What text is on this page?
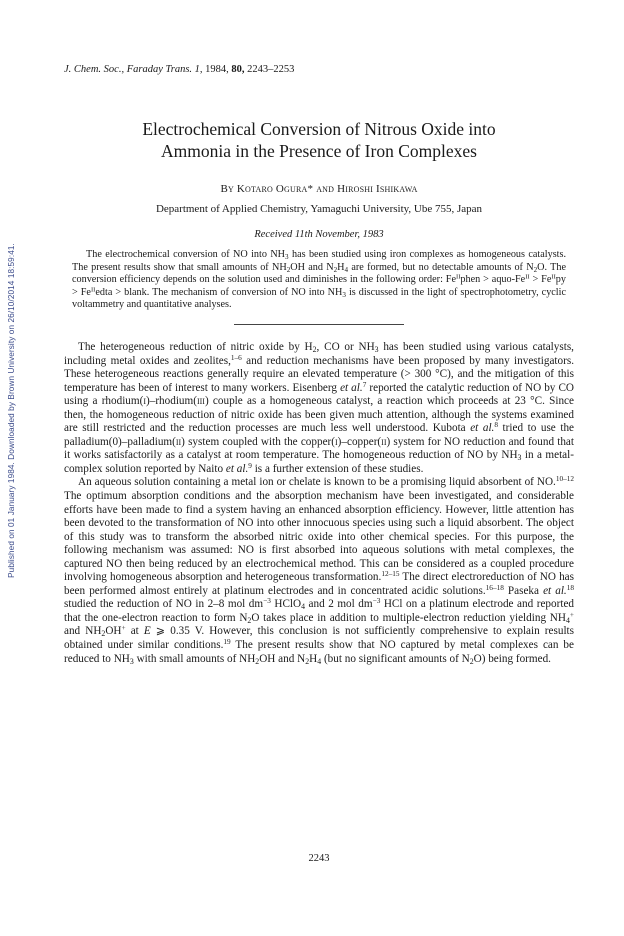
Published on 01 January 1984. Downloaded by Brown University on 26/10/2014 18:59:41.
J. Chem. Soc., Faraday Trans. 1, 1984, 80, 2243–2253
Electrochemical Conversion of Nitrous Oxide into
Ammonia in the Presence of Iron Complexes
By Kotaro Ogura* and Hiroshi Ishikawa
Department of Applied Chemistry, Yamaguchi University, Ube 755, Japan
Received 11th November, 1983
The electrochemical conversion of NO into $NH_3$ has been studied using iron complexes as homogeneous catalysts. The present results show that small amounts of $NH_2OH$ and $N_2H_4$ are formed, but no detectable amounts of $N_2O$. The conversion efficiency depends on the solution used and diminishes in the following order: $Fe^{II}phen$ > aquo-$Fe^{II} > Fe^{II}py$ > $Fe^{II}edta$ > blank. The mechanism of conversion of NO into $NH_3$ is discussed in the light of spectrophotometry, cyclic voltammetry and quantitative analyses.

The heterogeneous reduction of nitric oxide by $H_2$, CO or $NH_3$ has been studied using various catalysts, including metal oxides and zeolites,$^{1-6}$ and reduction mechanisms have been proposed by many investigators. These heterogeneous reactions generally require an elevated temperature (> 300 °C), and the mitigation of this temperature has been of interest to many workers. Eisenberg et al.$^7$ reported the catalytic reduction of NO by CO using a rhodium(i)–rhodium(iii) couple as a homogeneous catalyst, a reaction which proceeds at 23 °C. Since then, the homogeneous reduction of nitric oxide has been given much attention, although the systems examined are still restricted and the reduction processes are much less well understood. Kubota et al.$^8$ tried to use the palladium(0)–palladium(ii) system coupled with the copper(i)–copper(ii) system for NO reduction and found that it works satisfactorily as a catalyst at room temperature. The homogeneous reduction of NO by $NH_3$ in a metal-complex solution reported by Naito et al.$^9$ is a further extension of these studies.

An aqueous solution containing a metal ion or chelate is known to be a promising liquid absorbent of NO.$^{10-12}$ The optimum absorption conditions and the absorption mechanism have been investigated, and considerable efforts have been made to find a system having an enhanced absorption efficiency. However, little attention has been devoted to the transformation of NO into other innocuous species using such a liquid absorbent. The object of this study was to transform the absorbed nitric oxide into other chemical species. For this purpose, the following mechanism was assumed: NO is first absorbed into aqueous solutions with metal complexes, the captured NO then being reduced by an electrochemical method. This can be considered as a coupled procedure involving homogeneous absorption and heterogeneous transformation.$^{12-15}$ The direct electroreduction of NO has been performed almost entirely at platinum electrodes and in concentrated acidic solutions.$^{16-18}$ Paseka et al.$^{18}$ studied the reduction of NO in 2–8 mol $dm^{-3}$ HClO$_4$ and 2 mol $dm^{-3}$ HCl on a platinum electrode and reported that the one-electron reaction to form $N_2O$ takes place in addition to multiple-electron reduction yielding $NH_4^+$ and $NH_2OH^+$ at E ⩾ 0.35 V. However, this conclusion is not sufficiently comprehensive to explain results obtained under similar conditions.$^{19}$ The present results show that NO captured by metal complexes can be reduced to $NH_3$ with small amounts of $NH_2OH$ and $N_2H_4$ (but no significant amounts of $N_2O$) being formed.

2243
